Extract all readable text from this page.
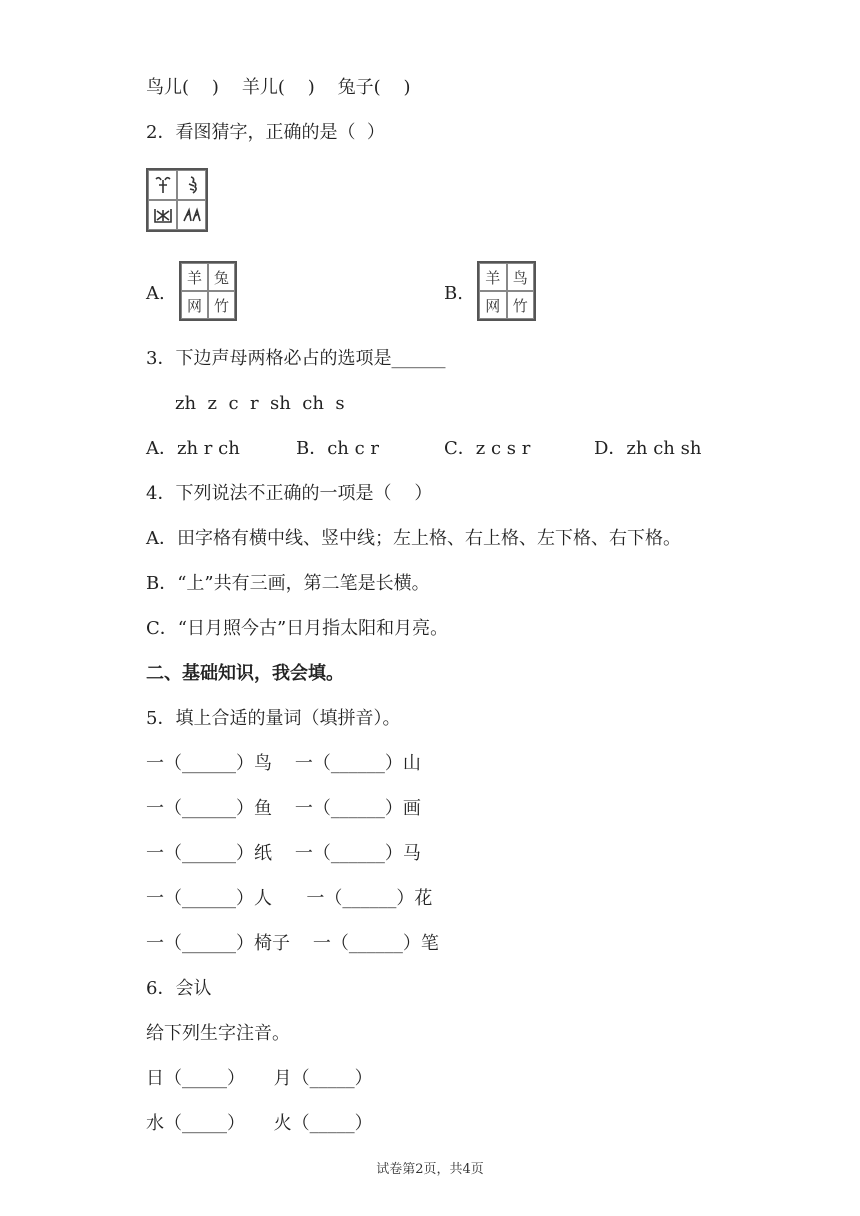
鸟儿(    )    羊儿(    )    兔子(    )
2．看图猜字，正确的是（  ）
A.
羊 兔
网 竹
B.
羊 鸟
网 竹
3．下边声母两格必占的选项是______
zh  z  c  r  sh  ch  s
A．zh r ch	B．ch c r	C．z c s r	D．zh ch sh
4．下列说法不正确的一项是（    ）
A．田字格有横中线、竖中线；左上格、右上格、左下格、右下格。
B．“上”共有三画，第二笔是长横。
C．“日月照今古”日月指太阳和月亮。
二、基础知识，我会填。
5．填上合适的量词（填拼音）。
一（______）鸟    一（______）山
一（______）鱼    一（______）画
一（______）纸    一（______）马
一（______）人      一（______）花
一（______）椅子    一（______）笔
6．会认
给下列生字注音。
日（_____）     月（_____）
水（_____）     火（_____）
试卷第2页，共4页
